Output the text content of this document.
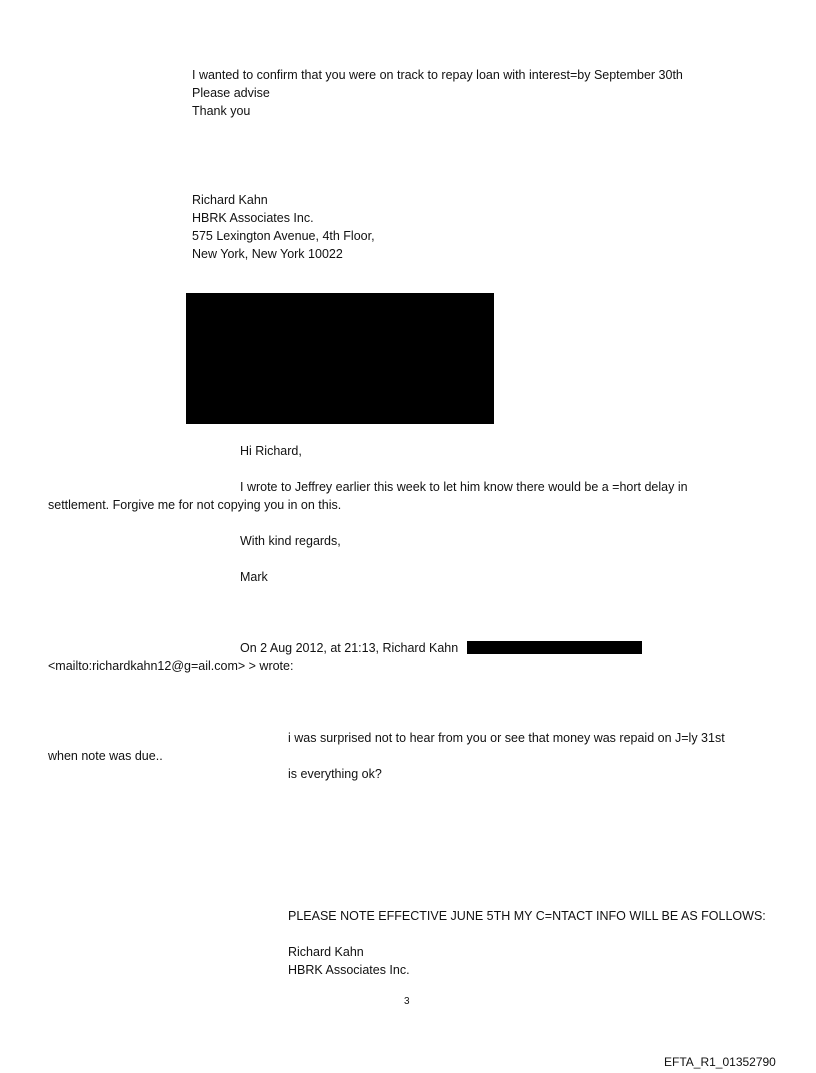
I wanted to confirm that you were on track to repay loan with interest=by September 30th
Please advise
Thank you
Richard Kahn
HBRK Associates Inc.
575 Lexington Avenue, 4th Floor,
New York, New York 10022
Hi Richard,
I wrote to Jeffrey earlier this week to let him know there would be a =hort delay in
settlement. Forgive me for not copying you in on this.
With kind regards,
Mark
On 2 Aug 2012, at 21:13, Richard Kahn
<mailto:richardkahn12@g=ail.com> > wrote:
i was surprised not to hear from you or see that money was repaid on J=ly 31st
when note was due..
is everything ok?
PLEASE NOTE EFFECTIVE JUNE 5TH MY C=NTACT INFO WILL BE AS FOLLOWS:
Richard Kahn
HBRK Associates Inc.
3
EFTA_R1_01352790
